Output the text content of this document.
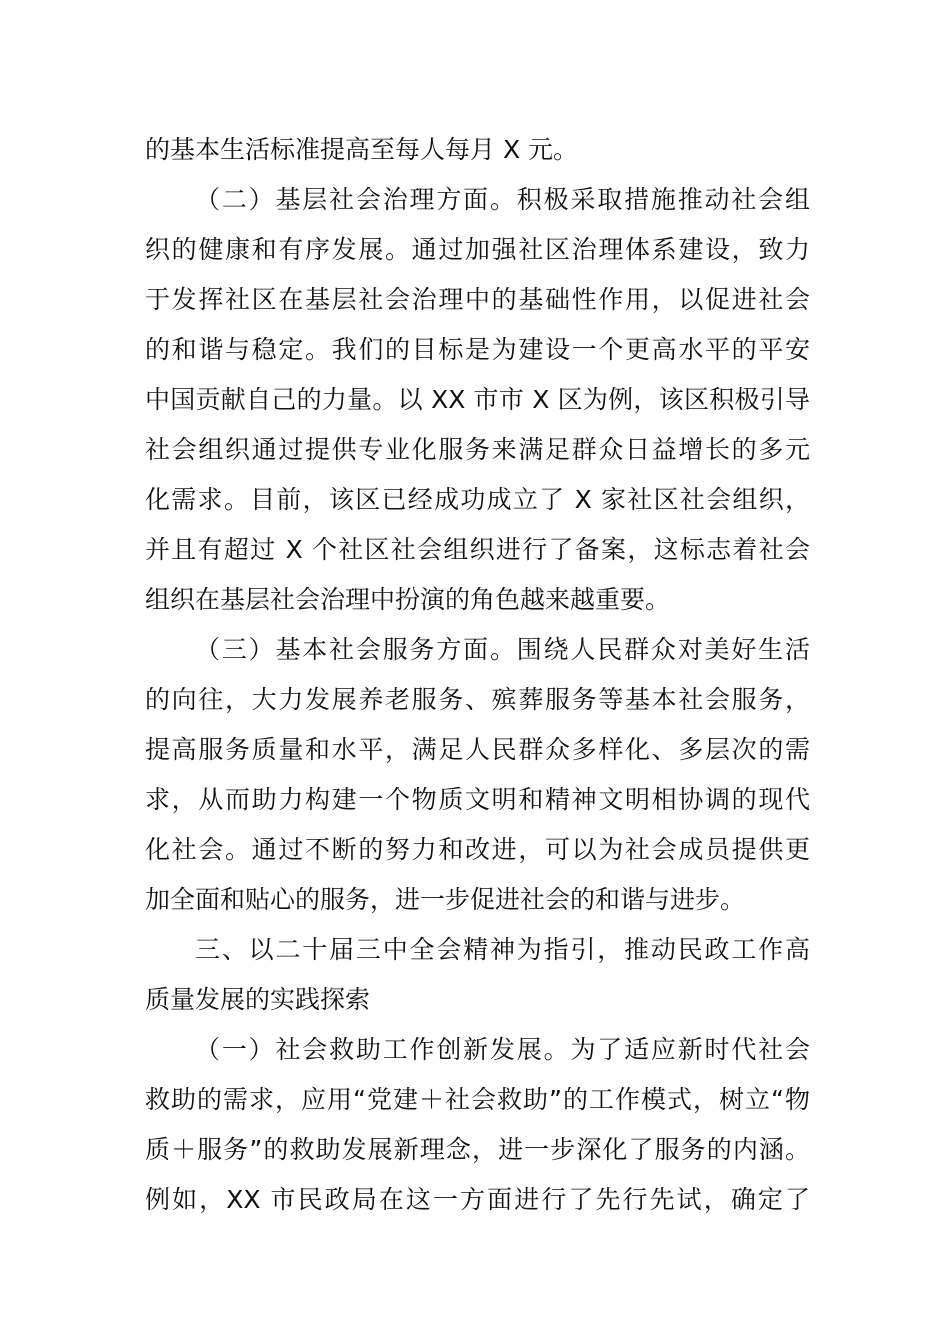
的基本生活标准提高至每人每月 X 元。
（二）基层社会治理方面。积极采取措施推动社会组
织的健康和有序发展。通过加强社区治理体系建设，致力
于发挥社区在基层社会治理中的基础性作用，以促进社会
的和谐与稳定。我们的目标是为建设一个更高水平的平安
中国贡献自己的力量。以 XX 市市 X 区为例，该区积极引导
社会组织通过提供专业化服务来满足群众日益增长的多元
化需求。目前，该区已经成功成立了 X 家社区社会组织，
并且有超过 X 个社区社会组织进行了备案，这标志着社会
组织在基层社会治理中扮演的角色越来越重要。
（三）基本社会服务方面。围绕人民群众对美好生活
的向往，大力发展养老服务、殡葬服务等基本社会服务，
提高服务质量和水平，满足人民群众多样化、多层次的需
求，从而助力构建一个物质文明和精神文明相协调的现代
化社会。通过不断的努力和改进，可以为社会成员提供更
加全面和贴心的服务，进一步促进社会的和谐与进步。
三、以二十届三中全会精神为指引，推动民政工作高
质量发展的实践探索
（一）社会救助工作创新发展。为了适应新时代社会
救助的需求，应用“党建＋社会救助”的工作模式，树立“物
质＋服务”的救助发展新理念，进一步深化了服务的内涵。
例如，XX 市民政局在这一方面进行了先行先试，确定了
